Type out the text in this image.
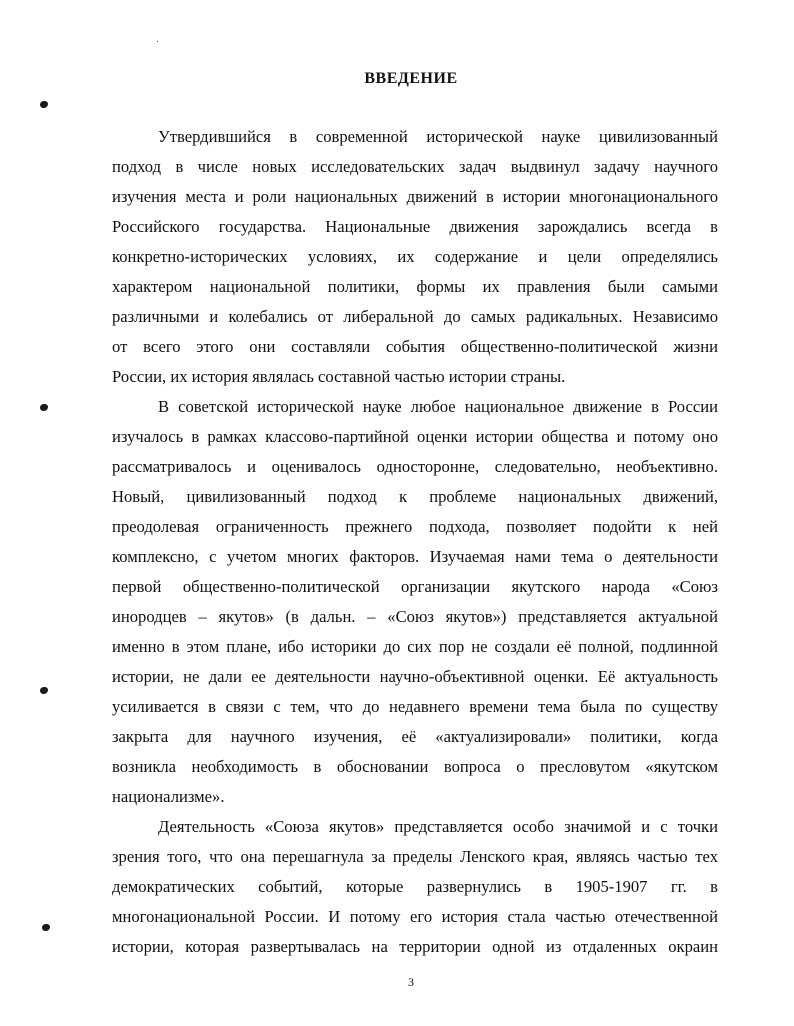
ВВЕДЕНИЕ
Утвердившийся в современной исторической науке цивилизованный
подход в числе новых исследовательских задач выдвинул задачу научного
изучения места и роли национальных движений в истории многонационального
Российского государства. Национальные движения зарождались всегда в
конкретно-исторических условиях, их содержание и цели определялись
характером национальной политики, формы их правления были самыми
различными и колебались от либеральной до самых радикальных. Независимо
от всего этого они составляли события общественно-политической жизни
России, их история являлась составной частью истории страны.
В советской исторической науке любое национальное движение в России
изучалось в рамках классово-партийной оценки истории общества и потому оно
рассматривалось и оценивалось односторонне, следовательно, необъективно.
Новый, цивилизованный подход к проблеме национальных движений,
преодолевая ограниченность прежнего подхода, позволяет подойти к ней
комплексно, с учетом многих факторов. Изучаемая нами тема о деятельности
первой общественно-политической организации якутского народа «Союз
инородцев – якутов» (в дальн. – «Союз якутов») представляется актуальной
именно в этом плане, ибо историки до сих пор не создали её полной, подлинной
истории, не дали ее деятельности научно-объективной оценки. Её актуальность
усиливается в связи с тем, что до недавнего времени тема была по существу
закрыта для научного изучения, её «актуализировали» политики, когда
возникла необходимость в обосновании вопроса о пресловутом «якутском
национализме».
Деятельность «Союза якутов» представляется особо значимой и с точки
зрения того, что она перешагнула за пределы Ленского края, являясь частью тех
демократических событий, которые развернулись в 1905-1907 гг. в
многонациональной России. И потому его история стала частью отечественной
истории, которая развертывалась на территории одной из отдаленных окраин
3
